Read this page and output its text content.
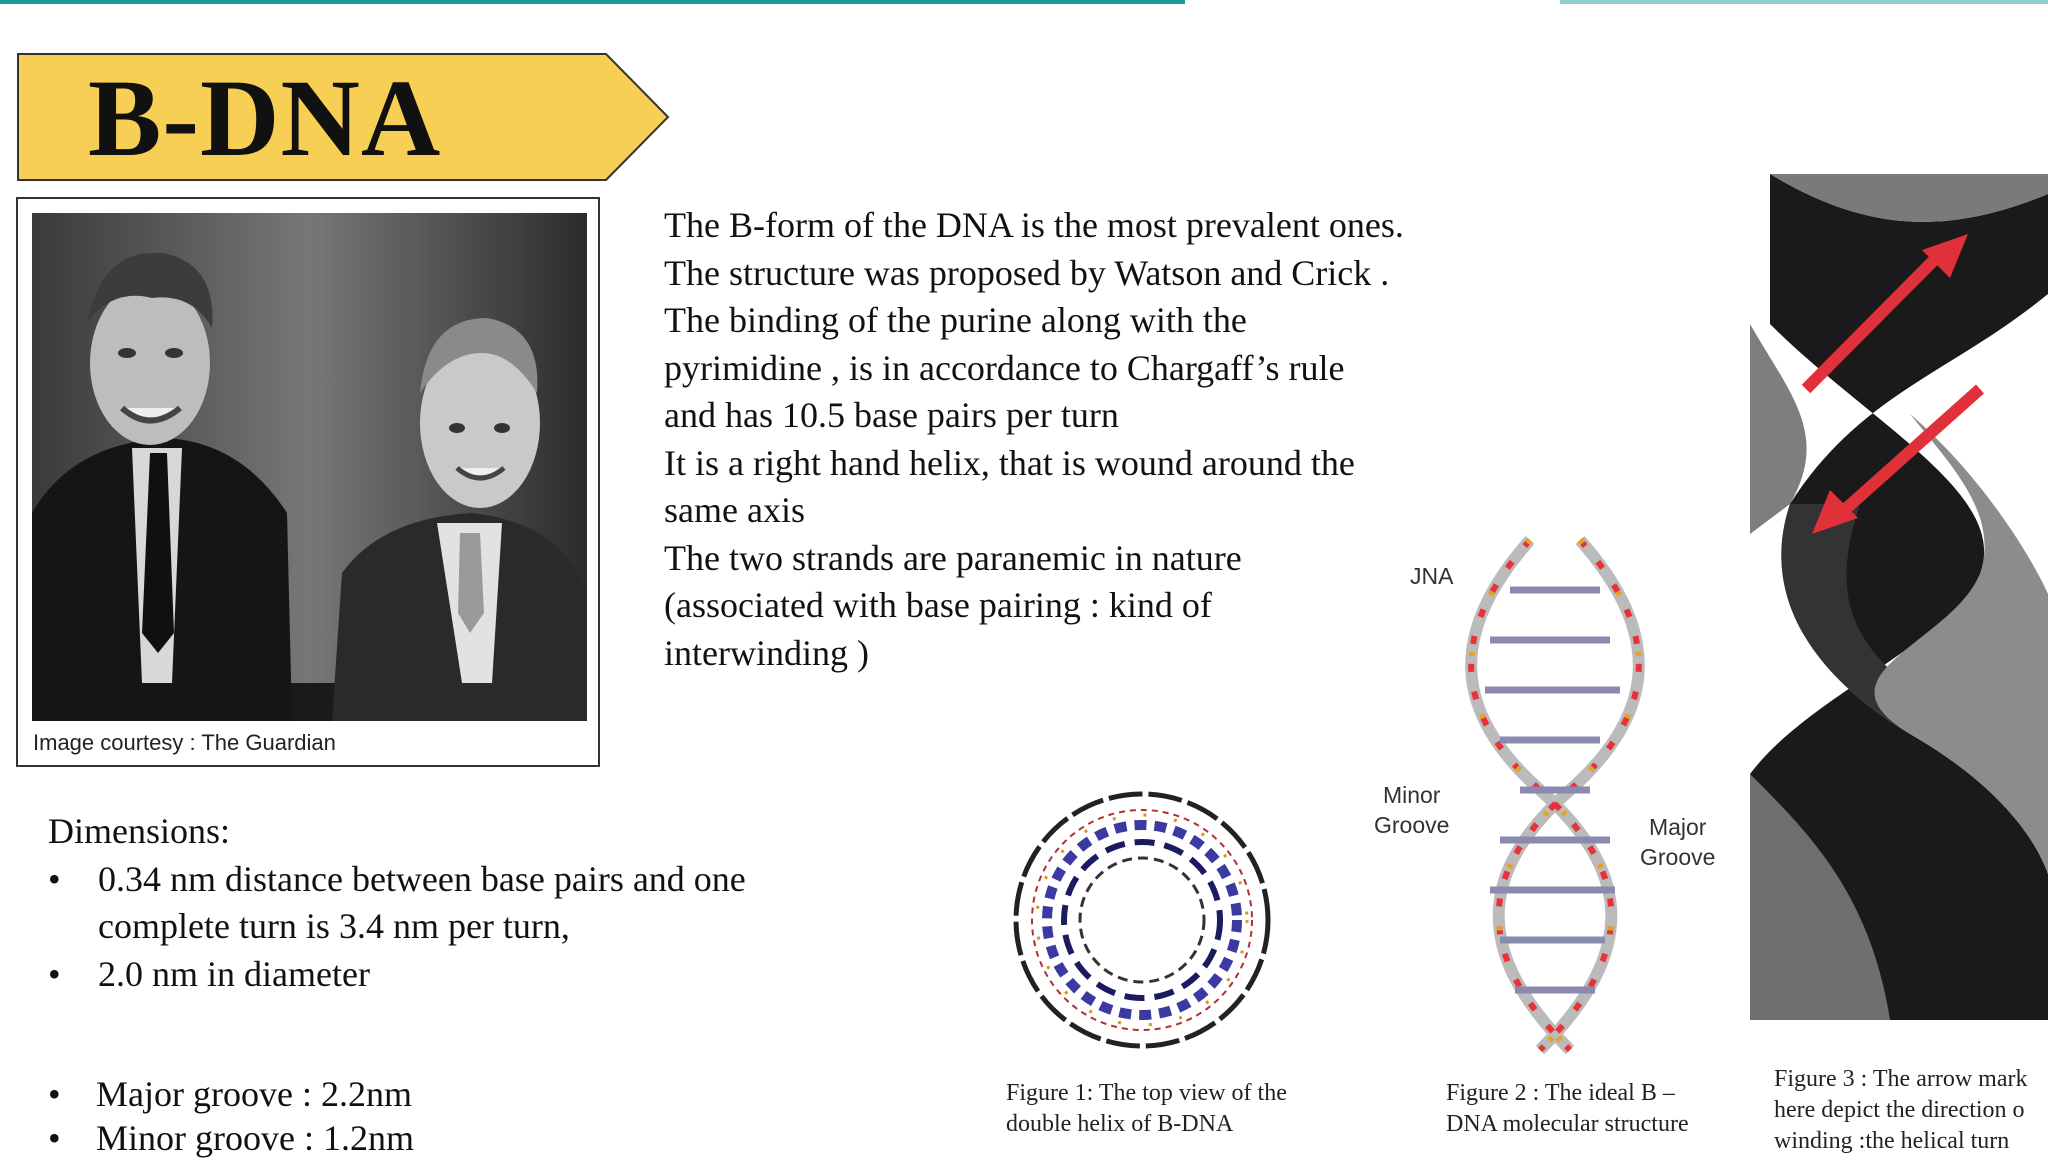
B-DNA
Image courtesy : The Guardian

The B-form of the DNA is the most prevalent ones.

The structure was proposed by Watson and Crick .

The binding of the purine along with the pyrimidine , is in accordance to Chargaff’s rule and has 10.5 base pairs per turn

It is a right hand helix, that is wound around the same axis

The two strands are paranemic in nature (associated with base pairing : kind of interwinding )

Dimensions:
• 0.34 nm distance between base pairs and one complete turn is 3.4 nm per turn,
• 2.0 nm in diameter
• Major groove : 2.2nm
• Minor groove : 1.2nm
Figure 1: The top view of the
double helix of B-DNA
ЈNA
Minor
Groove	Major
Groove
Figure 2 : The ideal B –
DNA molecular structure
Figure 3 : The arrow mark
here depict the direction o
winding :the helical turn
